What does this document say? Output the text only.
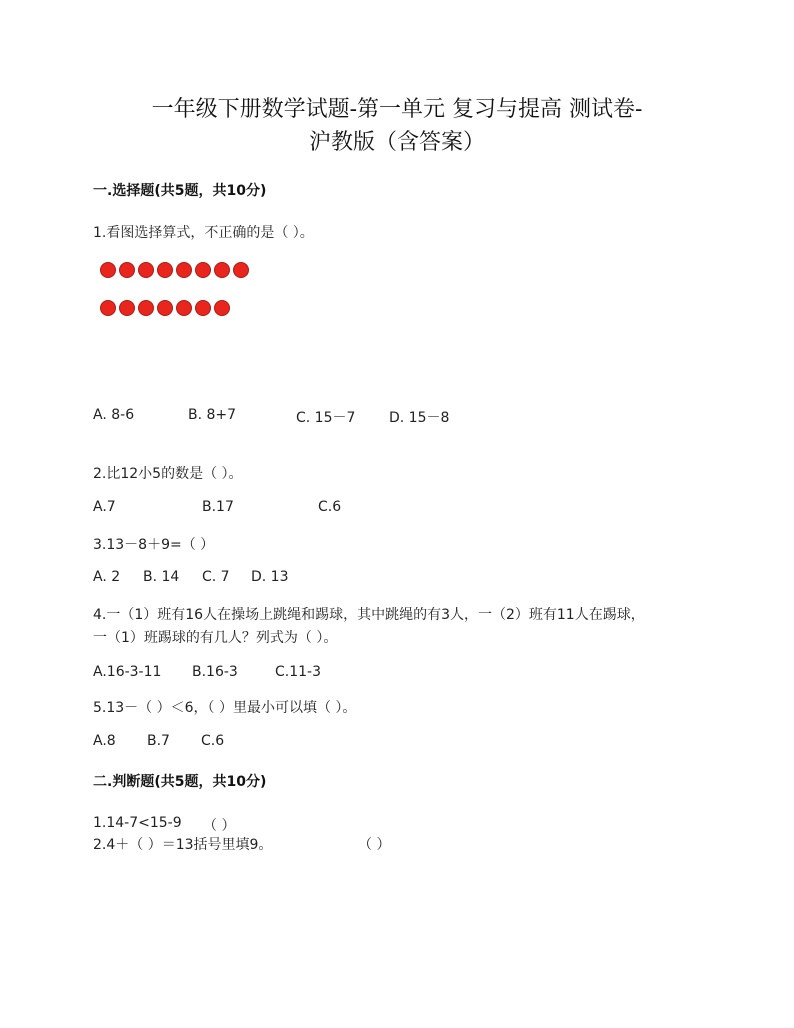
一年级下册数学试题-第一单元 复习与提高 测试卷-
沪教版（含答案）
一.选择题(共5题，共10分)
1.看图选择算式，不正确的是（ ）。
A. 8-6	B. 8+7	C. 15－7 D. 15－8
2.比12小5的数是（ ）。
A.7	B.17	C.6
3.13－8＋9=（ ）
A. 2 B. 14 C. 7 D. 13
4.一（1）班有16人在操场上跳绳和踢球，其中跳绳的有3人，一（2）班有11人在踢球，
一（1）班踢球的有几人？列式为（ ）。
A.16-3-11 B.16-3	C.11-3
5.13－（ ）＜6，（ ）里最小可以填（ ）。
A.8 B.7 C.6
二.判断题(共5题，共10分)
1.14-7<15-9 （ ）
2.4＋（ ）＝13括号里填9。	（ ）
